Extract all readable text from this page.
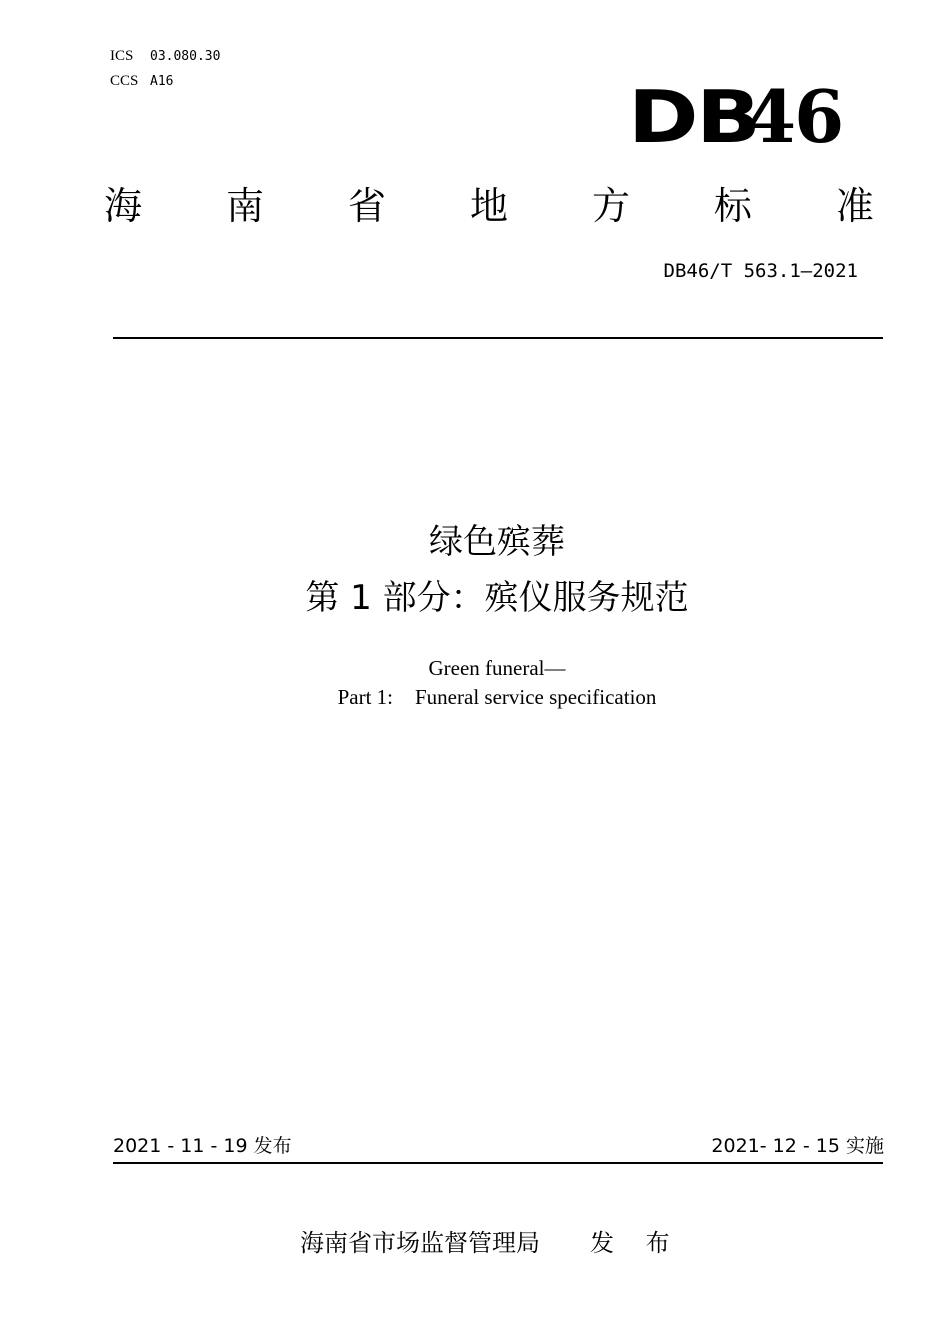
ICS	03.080.30
CCS A16	DB
46
海 南 省 地 方 标 准
DB46/T 563.1—2021
绿色殡葬
第 1 部分：殡仪服务规范
Green funeral—
Part 1: Funeral service specification
2021 - 11 - 19 发布	2021- 12 - 15 实施
海南省市场监督管理局 发 布
